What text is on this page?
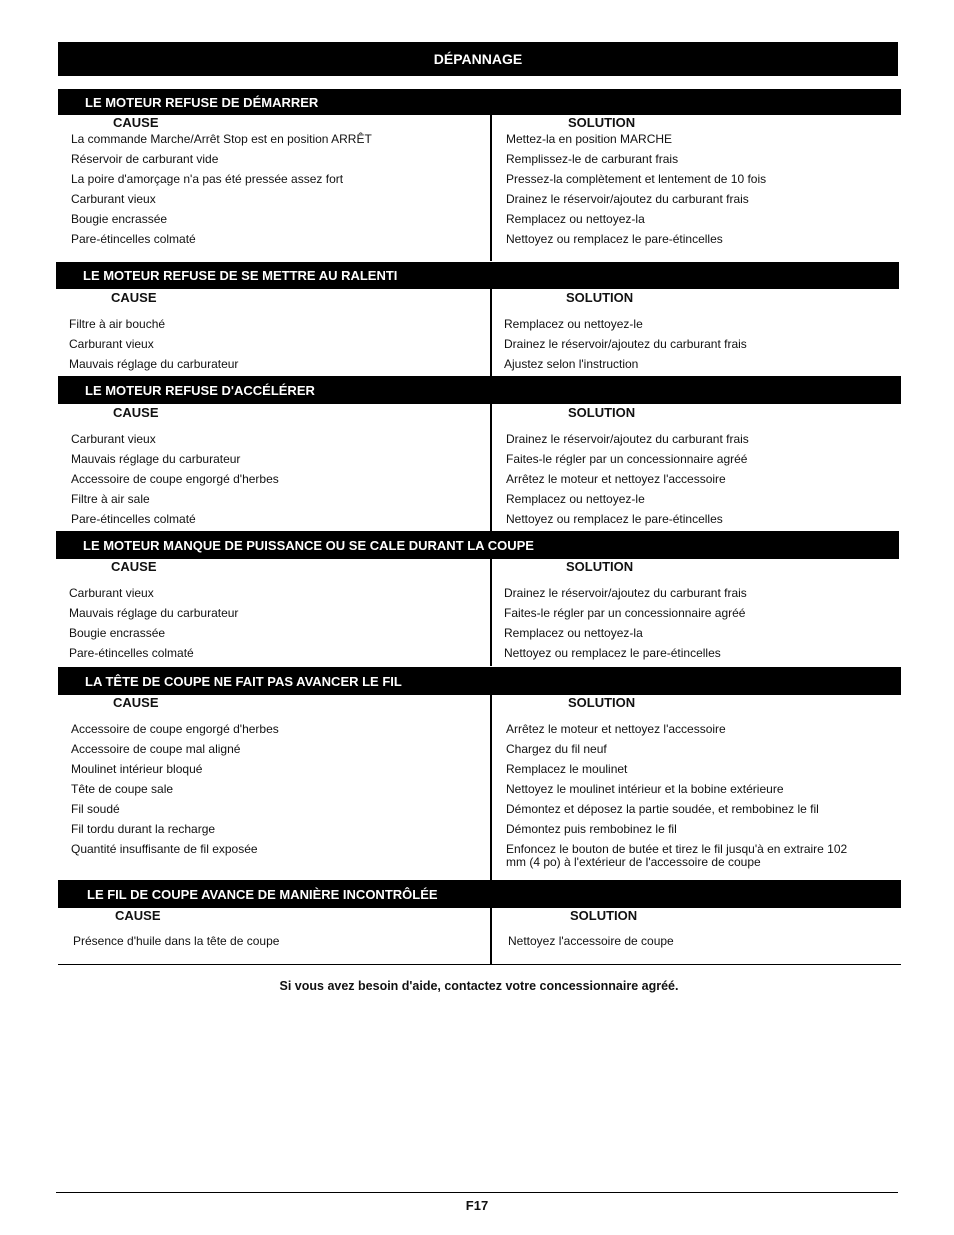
DÉPANNAGE
LE MOTEUR REFUSE DE DÉMARRER
CAUSE	SOLUTION
La commande Marche/Arrêt Stop est en position ARRÊT	Mettez-la en position MARCHE
Réservoir de carburant vide	Remplissez-le de carburant frais
La poire d'amorçage n'a pas été pressée assez fort	Pressez-la complètement et lentement de 10 fois
Carburant vieux	Drainez le réservoir/ajoutez du carburant frais
Bougie encrassée	Remplacez ou nettoyez-la
Pare-étincelles colmaté	Nettoyez ou remplacez le pare-étincelles
LE MOTEUR REFUSE DE SE METTRE AU RALENTI
CAUSE	SOLUTION
Filtre à air bouché	Remplacez ou nettoyez-le
Carburant vieux	Drainez le réservoir/ajoutez du carburant frais
Mauvais réglage du carburateur	Ajustez selon l'instruction
LE MOTEUR REFUSE D'ACCÉLÉRER
CAUSE	SOLUTION
Carburant vieux	Drainez le réservoir/ajoutez du carburant frais
Mauvais réglage du carburateur	Faites-le régler par un concessionnaire agréé
Accessoire de coupe engorgé d'herbes	Arrêtez le moteur et nettoyez l'accessoire
Filtre à air sale	Remplacez ou nettoyez-le
Pare-étincelles colmaté	Nettoyez ou remplacez le pare-étincelles
LE MOTEUR MANQUE DE PUISSANCE OU SE CALE DURANT LA COUPE
CAUSE	SOLUTION
Carburant vieux	Drainez le réservoir/ajoutez du carburant frais
Mauvais réglage du carburateur	Faites-le régler par un concessionnaire agréé
Bougie encrassée	Remplacez ou nettoyez-la
Pare-étincelles colmaté	Nettoyez ou remplacez le pare-étincelles
LA TÊTE DE COUPE NE FAIT PAS AVANCER LE FIL
CAUSE	SOLUTION
Accessoire de coupe engorgé d'herbes	Arrêtez le moteur et nettoyez l'accessoire
Accessoire de coupe mal aligné	Chargez du fil neuf
Moulinet intérieur bloqué	Remplacez le moulinet
Tête de coupe sale	Nettoyez le moulinet intérieur et la bobine extérieure
Fil soudé	Démontez et déposez la partie soudée, et rembobinez le fil
Fil tordu durant la recharge	Démontez puis rembobinez le fil
Quantité insuffisante de fil exposée	Enfoncez le bouton de butée et tirez le fil jusqu'à en extraire 102 mm (4 po) à l'extérieur de l'accessoire de coupe
LE FIL DE COUPE AVANCE DE MANIÈRE INCONTRÔLÉE
CAUSE	SOLUTION
Présence d'huile dans la tête de coupe	Nettoyez l'accessoire de coupe
Si vous avez besoin d'aide, contactez votre concessionnaire agréé.
F17
